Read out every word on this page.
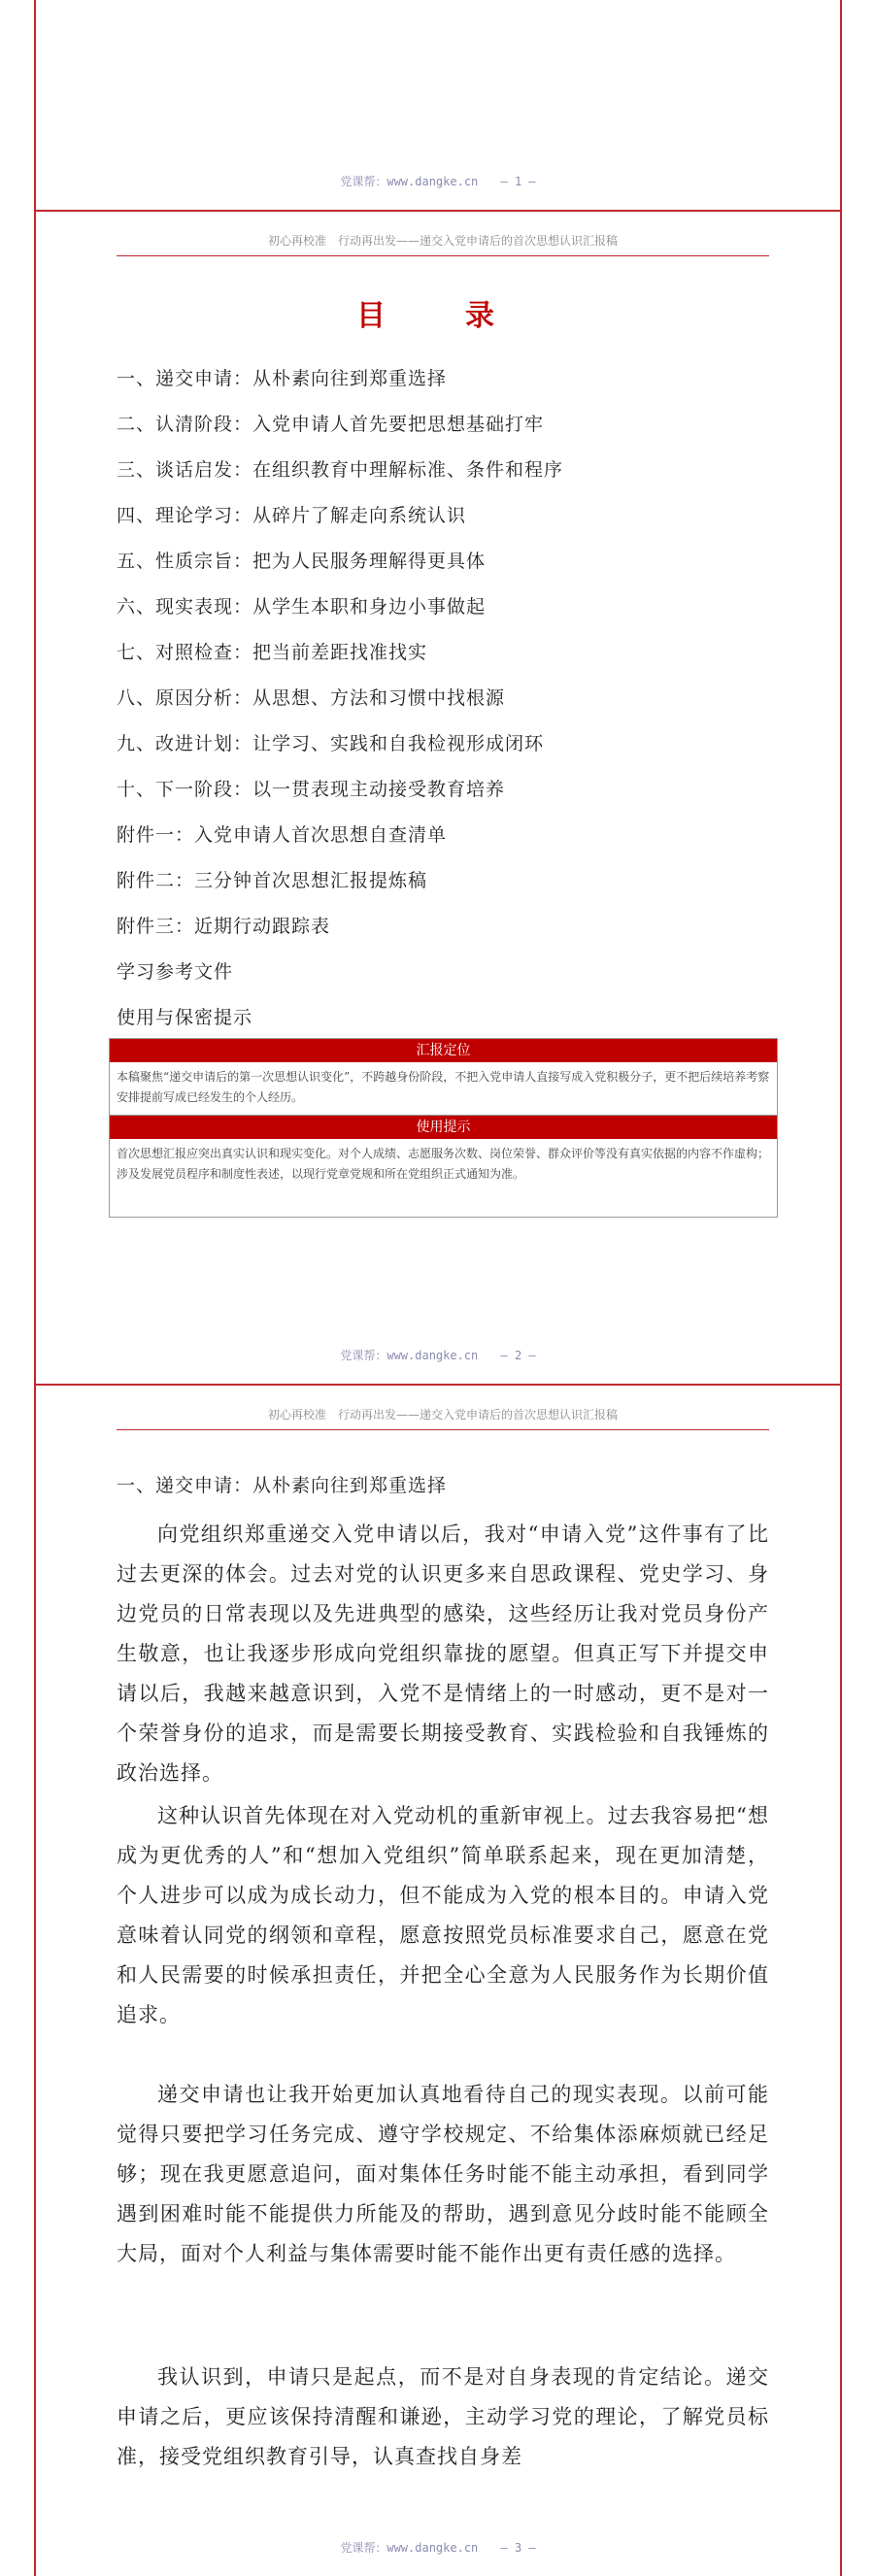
党课帮：www.dangke.cn — 1 —
初心再校准　行动再出发——递交入党申请后的首次思想认识汇报稿
目　录
一、递交申请：从朴素向往到郑重选择
二、认清阶段：入党申请人首先要把思想基础打牢
三、谈话启发：在组织教育中理解标准、条件和程序
四、理论学习：从碎片了解走向系统认识
五、性质宗旨：把为人民服务理解得更具体
六、现实表现：从学生本职和身边小事做起
七、对照检查：把当前差距找准找实
八、原因分析：从思想、方法和习惯中找根源
九、改进计划：让学习、实践和自我检视形成闭环
十、下一阶段：以一贯表现主动接受教育培养
附件一：入党申请人首次思想自查清单
附件二：三分钟首次思想汇报提炼稿
附件三：近期行动跟踪表
学习参考文件
使用与保密提示
汇报定位
本稿聚焦“递交申请后的第一次思想认识变化”，不跨越身份阶段，不把入党申请人直接写成入党积极分子，更不把后续培养考察安排提前写成已经发生的个人经历。
使用提示
首次思想汇报应突出真实认识和现实变化。对个人成绩、志愿服务次数、岗位荣誉、群众评价等没有真实依据的内容不作虚构；涉及发展党员程序和制度性表述，以现行党章党规和所在党组织正式通知为准。
党课帮：www.dangke.cn — 2 —
初心再校准　行动再出发——递交入党申请后的首次思想认识汇报稿
一、递交申请：从朴素向往到郑重选择
向党组织郑重递交入党申请以后，我对“申请入党”这件事有了比过去更深的体会。过去对党的认识更多来自思政课程、党史学习、身边党员的日常表现以及先进典型的感染，这些经历让我对党员身份产生敬意，也让我逐步形成向党组织靠拢的愿望。但真正写下并提交申请以后，我越来越意识到，入党不是情绪上的一时感动，更不是对一个荣誉身份的追求，而是需要长期接受教育、实践检验和自我锤炼的政治选择。
这种认识首先体现在对入党动机的重新审视上。过去我容易把“想成为更优秀的人”和“想加入党组织”简单联系起来，现在更加清楚，个人进步可以成为成长动力，但不能成为入党的根本目的。申请入党意味着认同党的纲领和章程，愿意按照党员标准要求自己，愿意在党和人民需要的时候承担责任，并把全心全意为人民服务作为长期价值追求。
递交申请也让我开始更加认真地看待自己的现实表现。以前可能觉得只要把学习任务完成、遵守学校规定、不给集体添麻烦就已经足够；现在我更愿意追问，面对集体任务时能不能主动承担，看到同学遇到困难时能不能提供力所能及的帮助，遇到意见分歧时能不能顾全大局，面对个人利益与集体需要时能不能作出更有责任感的选择。
我认识到，申请只是起点，而不是对自身表现的肯定结论。递交申请之后，更应该保持清醒和谦逊，主动学习党的理论，了解党员标准，接受党组织教育引导，认真查找自身差
党课帮：www.dangke.cn — 3 —
